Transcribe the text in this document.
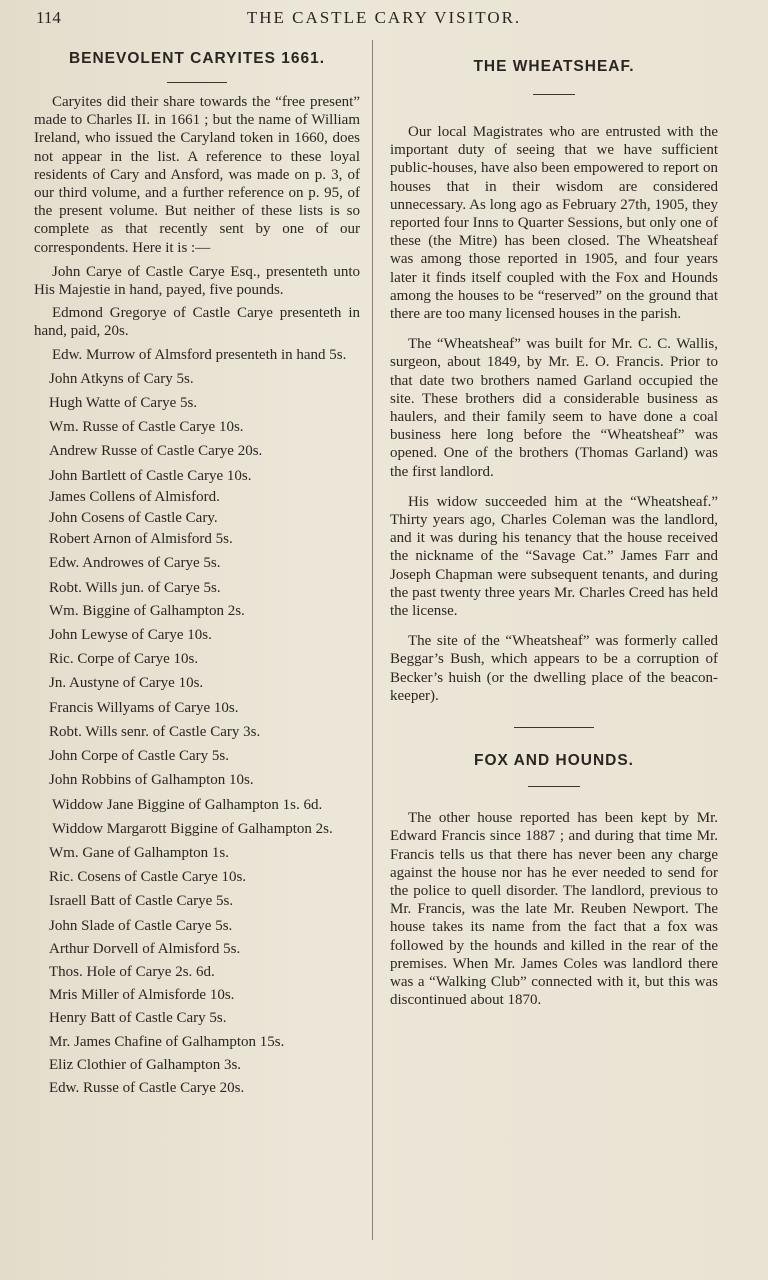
114	THE CASTLE CARY VISITOR.
BENEVOLENT CARYITES 1661.

Caryites did their share towards the “free present” made to Charles II. in 1661 ; but the name of William Ireland, who issued the Caryland token in 1660, does not appear in the list. A reference to these loyal residents of Cary and Ansford, was made on p. 3, of our third volume, and a further reference on p. 95, of the present volume. But neither of these lists is so complete as that recently sent by one of our correspondents. Here it is :—

John Carye of Castle Carye Esq., presenteth unto His Majestie in hand, payed, five pounds.

Edmond Gregorye of Castle Carye presenteth in hand, paid, 20s.

Edw. Murrow of Almsford presenteth in hand 5s.

John Atkyns of Cary 5s.

Hugh Watte of Carye 5s.

Wm. Russe of Castle Carye 10s.

Andrew Russe of Castle Carye 20s.

John Bartlett of Castle Carye 10s.

James Collens of Almisford.

John Cosens of Castle Cary.

Robert Arnon of Almisford 5s.

Edw. Androwes of Carye 5s.

Robt. Wills jun. of Carye 5s.

Wm. Biggine of Galhampton 2s.

John Lewyse of Carye 10s.

Ric. Corpe of Carye 10s.

Jn. Austyne of Carye 10s.

Francis Willyams of Carye 10s.

Robt. Wills senr. of Castle Cary 3s.

John Corpe of Castle Cary 5s.

John Robbins of Galhampton 10s.

Widdow Jane Biggine of Galhampton 1s. 6d.

Widdow Margarott Biggine of Galhampton 2s.

Wm. Gane of Galhampton 1s.

Ric. Cosens of Castle Carye 10s.

Israell Batt of Castle Carye 5s.

John Slade of Castle Carye 5s.

Arthur Dorvell of Almisford 5s.

Thos. Hole of Carye 2s. 6d.

Mris Miller of Almisforde 10s.

Henry Batt of Castle Cary 5s.

Mr. James Chafine of Galhampton 15s.

Eliz Clothier of Galhampton 3s.

Edw. Russe of Castle Carye 20s.

THE WHEATSHEAF.

Our local Magistrates who are entrusted with the important duty of seeing that we have sufficient public-houses, have also been empowered to report on houses that in their wisdom are considered unnecessary. As long ago as February 27th, 1905, they reported four Inns to Quarter Sessions, but only one of these (the Mitre) has been closed. The Wheatsheaf was among those reported in 1905, and four years later it finds itself coupled with the Fox and Hounds among the houses to be “reserved” on the ground that there are too many licensed houses in the parish.

The “Wheatsheaf” was built for Mr. C. C. Wallis, surgeon, about 1849, by Mr. E. O. Francis. Prior to that date two brothers named Garland occupied the site. These brothers did a considerable business as haulers, and their family seem to have done a coal business here long before the “Wheatsheaf” was opened. One of the brothers (Thomas Garland) was the first landlord.

His widow succeeded him at the “Wheatsheaf.” Thirty years ago, Charles Coleman was the landlord, and it was during his tenancy that the house received the nickname of the “Savage Cat.” James Farr and Joseph Chapman were subsequent tenants, and during the past twenty three years Mr. Charles Creed has held the license.

The site of the “Wheatsheaf” was formerly called Beggar’s Bush, which appears to be a corruption of Becker’s huish (or the dwelling place of the beacon-keeper).

FOX AND HOUNDS.

The other house reported has been kept by Mr. Edward Francis since 1887 ; and during that time Mr. Francis tells us that there has never been any charge against the house nor has he ever needed to send for the police to quell disorder. The landlord, previous to Mr. Francis, was the late Mr. Reuben Newport. The house takes its name from the fact that a fox was followed by the hounds and killed in the rear of the premises. When Mr. James Coles was landlord there was a “Walking Club” connected with it, but this was discontinued about 1870.
